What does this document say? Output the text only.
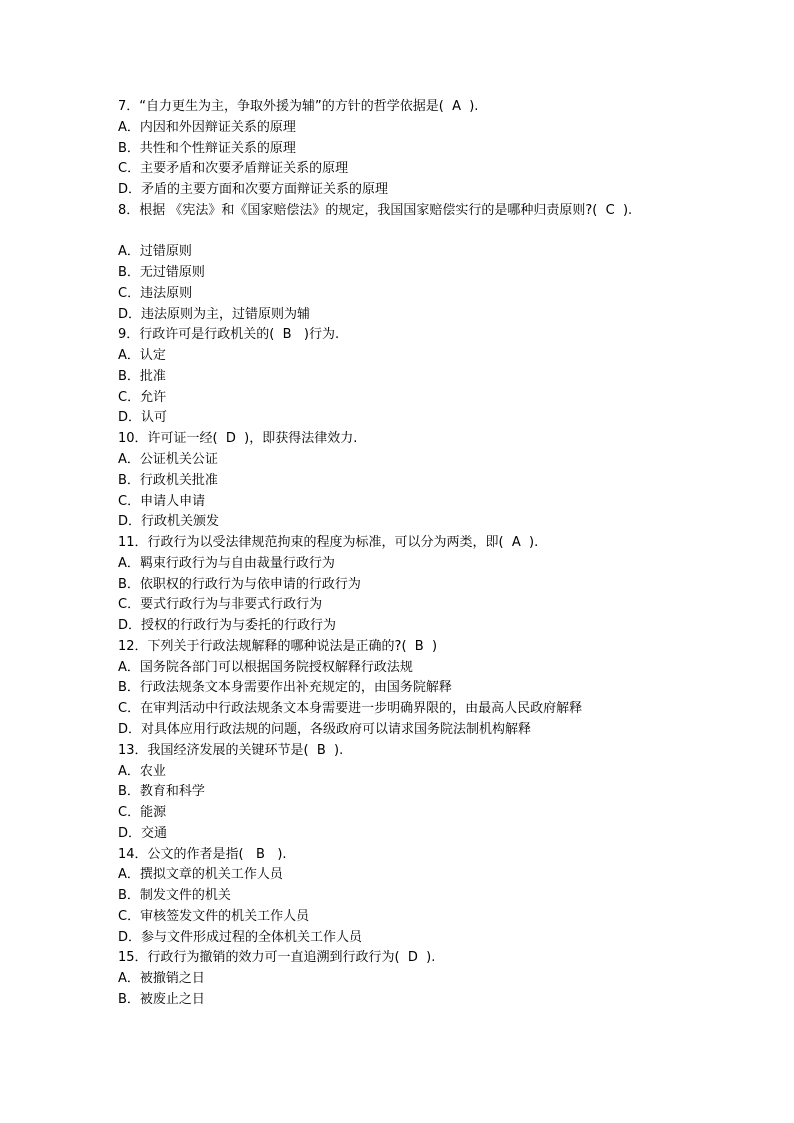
7．“自力更生为主，争取外援为辅”的方针的哲学依据是(  A  ).
A．内因和外因辩证关系的原理
B．共性和个性辩证关系的原理
C．主要矛盾和次要矛盾辩证关系的原理
D．矛盾的主要方面和次要方面辩证关系的原理
8．根据 《宪法》和《国家赔偿法》的规定，我国国家赔偿实行的是哪种归责原则?(  C  ).
A．过错原则
B．无过错原则
C．违法原则
D．违法原则为主，过错原则为辅
9．行政许可是行政机关的(  B   )行为.
A．认定
B．批准
C．允许
D．认可
10．许可证一经(  D  )，即获得法律效力.
A．公证机关公证
B．行政机关批准
C．申请人申请
D．行政机关颁发
11．行政行为以受法律规范拘束的程度为标准，可以分为两类，即(  A  ).
A．羁束行政行为与自由裁量行政行为
B．依职权的行政行为与依申请的行政行为
C．要式行政行为与非要式行政行为
D．授权的行政行为与委托的行政行为
12．下列关于行政法规解释的哪种说法是正确的?(  B  )
A．国务院各部门可以根据国务院授权解释行政法规
B．行政法规条文本身需要作出补充规定的，由国务院解释
C．在审判活动中行政法规条文本身需要进一步明确界限的，由最高人民政府解释
D．对具体应用行政法规的问题，各级政府可以请求国务院法制机构解释
13．我国经济发展的关键环节是(  B  ).
A．农业
B．教育和科学
C．能源
D．交通
14．公文的作者是指(   B   ).
A．撰拟文章的机关工作人员
B．制发文件的机关
C．审核签发文件的机关工作人员
D．参与文件形成过程的全体机关工作人员
15．行政行为撤销的效力可一直追溯到行政行为(  D  ).
A．被撤销之日
B．被废止之日
